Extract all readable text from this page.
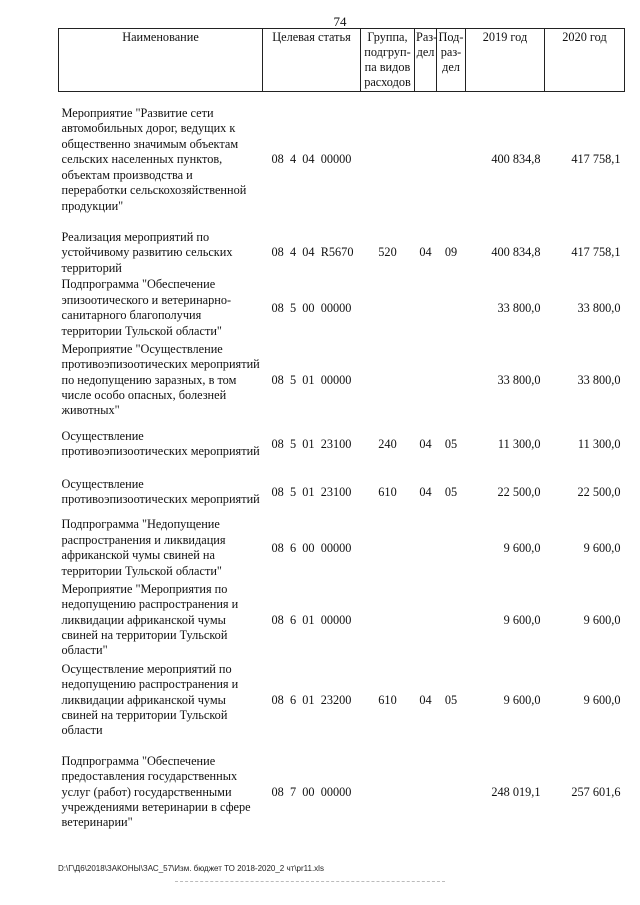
74
Наименование	Целевая статья	Группа, подгруп-па видов расходов	Раз-дел	Под-раз-дел	2019 год	2020 год

Мероприятие "Развитие сети автомобильных дорог, ведущих к общественно значимым объектам сельских населенных пунктов, объектам производства и переработки сельскохозяйственной продукции"	08  4  04  00000				400 834,8	417 758,1

Реализация мероприятий по устойчивому развитию сельских территорий	08  4  04  R5670	520	04	09	400 834,8	417 758,1
Подпрограмма "Обеспечение эпизоотического и ветеринарно-санитарного благополучия территории Тульской области"	08  5  00  00000				33 800,0	33 800,0
Мероприятие "Осуществление противоэпизоотических мероприятий по недопущению заразных, в том числе особо опасных, болезней животных"	08  5  01  00000				33 800,0	33 800,0
Осуществление противоэпизоотических мероприятий	08  5  01  23100	240	04	05	11 300,0	11 300,0
Осуществление противоэпизоотических мероприятий	08  5  01  23100	610	04	05	22 500,0	22 500,0
Подпрограмма "Недопущение распространения и ликвидация африканской чумы свиней на территории Тульской области"	08  6  00  00000				9 600,0	9 600,0
Мероприятие "Мероприятия по недопущению распространения и ликвидации африканской чумы свиней на территории Тульской области"	08  6  01  00000				9 600,0	9 600,0
Осуществление мероприятий по недопущению распространения и ликвидации африканской чумы свиней на территории Тульской области	08  6  01  23200	610	04	05	9 600,0	9 600,0

Подпрограмма "Обеспечение предоставления государственных услуг (работ) государственными учреждениями ветеринарии в сфере ветеринарии"	08  7  00  00000				248 019,1	257 601,6
D:\Г\Д6\2018\ЗАКОНЫ\ЗАС_57\Изм. бюджет ТО 2018-2020_2 чт\pr11.xls
